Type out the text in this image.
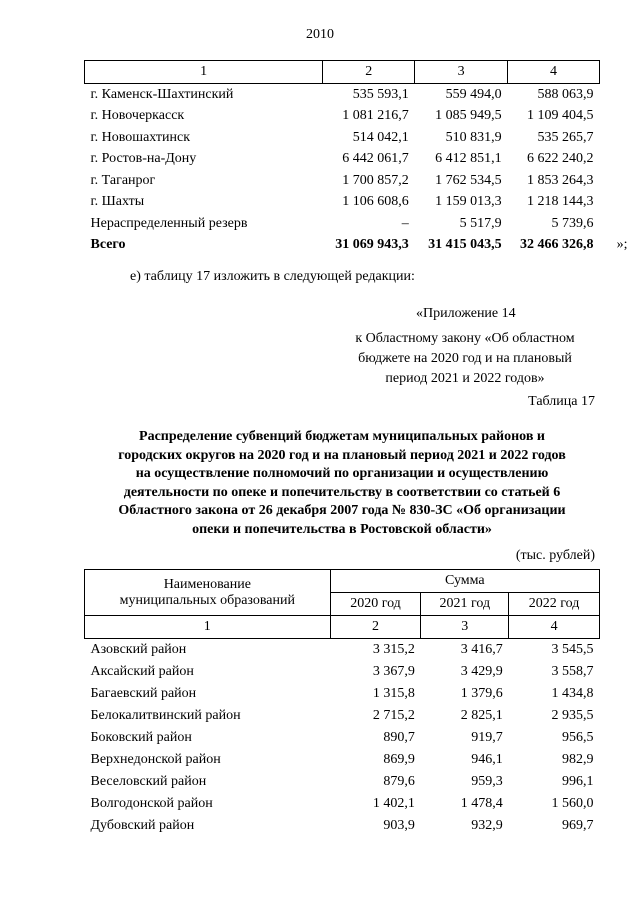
2010
1	2	3	4
г. Каменск-Шахтинский	535 593,1	559 494,0	588 063,9
г. Новочеркасск	1 081 216,7	1 085 949,5	1 109 404,5
г. Новошахтинск	514 042,1	510 831,9	535 265,7
г. Ростов-на-Дону	6 442 061,7	6 412 851,1	6 622 240,2
г. Таганрог	1 700 857,2	1 762 534,5	1 853 264,3
г. Шахты	1 106 608,6	1 159 013,3	1 218 144,3
Нераспределенный резерв	–	5 517,9	5 739,6
Всего	31 069 943,3	31 415 043,5	32 466 326,8 »;
е) таблицу 17 изложить в следующей редакции:
«Приложение 14
к Областному закону «Об областном
бюджете на 2020 год и на плановый
период 2021 и 2022 годов»
Таблица 17
Распределение субвенций бюджетам муниципальных районов и
городских округов на 2020 год и на плановый период 2021 и 2022 годов
на осуществление полномочий по организации и осуществлению
деятельности по опеке и попечительству в соответствии со статьей 6
Областного закона от 26 декабря 2007 года № 830-ЗС «Об организации
опеки и попечительства в Ростовской области»
(тыс. рублей)
Наименование
муниципальных образований	Сумма		
	2020 год	2021 год	2022 год
1	2	3	4
Азовский район	3 315,2	3 416,7	3 545,5
Аксайский район	3 367,9	3 429,9	3 558,7
Багаевский район	1 315,8	1 379,6	1 434,8
Белокалитвинский район	2 715,2	2 825,1	2 935,5
Боковский район	890,7	919,7	956,5
Верхнедонской район	869,9	946,1	982,9
Веселовский район	879,6	959,3	996,1
Волгодонской район	1 402,1	1 478,4	1 560,0
Дубовский район	903,9	932,9	969,7
